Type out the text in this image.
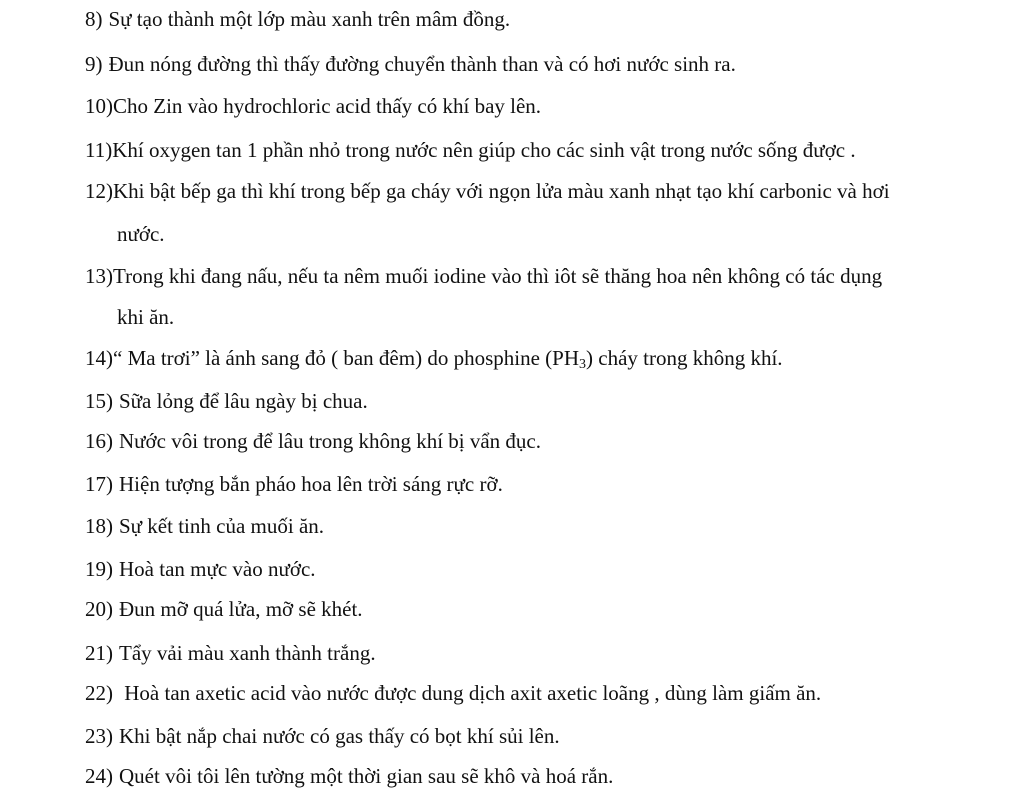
8) Sự tạo thành một lớp màu xanh trên mâm đồng.
9) Đun nóng đường thì thấy đường chuyển thành than và có hơi nước sinh ra.
10)Cho Zin vào hydrochloric acid thấy có khí bay lên.
11)Khí oxygen tan 1 phần nhỏ trong nước nên giúp cho các sinh vật trong nước sống được .
12)Khi bật bếp ga thì khí trong bếp ga cháy với ngọn lửa màu xanh nhạt tạo khí carbonic và hơi
nước.
13)Trong khi đang nấu, nếu ta nêm muối iodine vào thì iôt sẽ thăng hoa nên không có tác dụng
khi ăn.
14)“ Ma trơi” là ánh sang đỏ ( ban đêm) do phosphine $(PH_3)$ cháy trong không khí.
15) Sữa lỏng để lâu ngày bị chua.
16) Nước vôi trong để lâu trong không khí bị vẩn đục.
17) Hiện tượng bắn pháo hoa lên trời sáng rực rỡ.
18) Sự kết tinh của muối ăn.
19) Hoà tan mực vào nước.
20) Đun mỡ quá lửa, mỡ sẽ khét.
21) Tẩy vải màu xanh thành trắng.
22) Hoà tan axetic acid vào nước được dung dịch axit axetic loãng , dùng làm giấm ăn.
23) Khi bật nắp chai nước có gas thấy có bọt khí sủi lên.
24) Quét vôi tôi lên tường một thời gian sau sẽ khô và hoá rắn.
